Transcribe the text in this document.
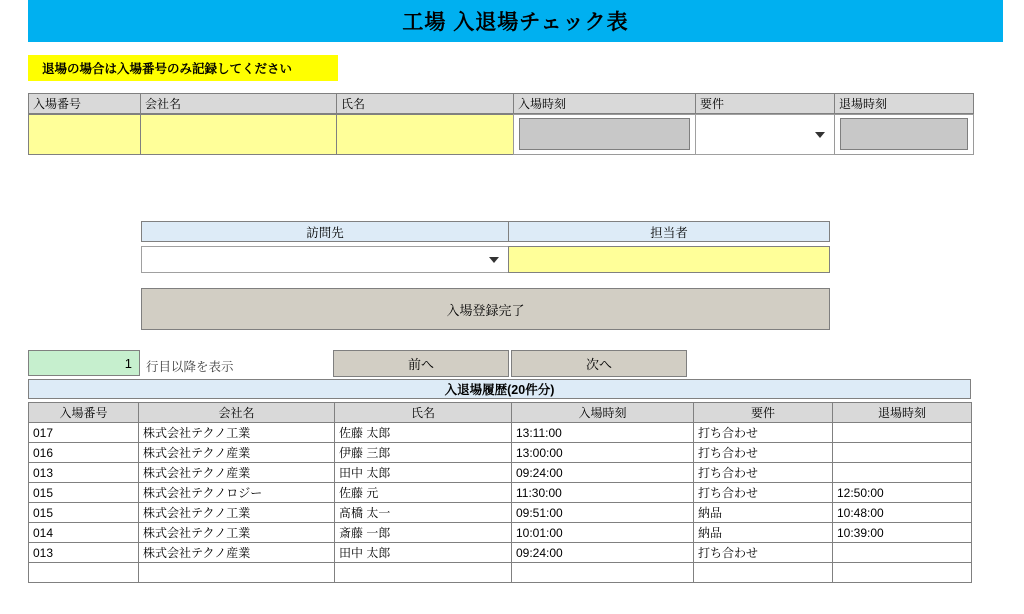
工場 入退場チェック表
退場の場合は入場番号のみ記録してください
入場番号	会社名	氏名	入場時刻	要件	退場時刻
訪問先	担当者
入場登録完了
1	行目以降を表示	前へ	次へ
入退場履歴(20件分)
入場番号	会社名	氏名	入場時刻	要件	退場時刻
017	株式会社テクノ工業	佐藤 太郎	13:11:00	打ち合わせ	
016	株式会社テクノ産業	伊藤 三郎	13:00:00	打ち合わせ	
013	株式会社テクノ産業	田中 太郎	09:24:00	打ち合わせ	
015	株式会社テクノロジー	佐藤 元	11:30:00	打ち合わせ	12:50:00
015	株式会社テクノ工業	髙橋 太一	09:51:00	納品	10:48:00
014	株式会社テクノ工業	斎藤 一郎	10:01:00	納品	10:39:00
013	株式会社テクノ産業	田中 太郎	09:24:00	打ち合わせ	
